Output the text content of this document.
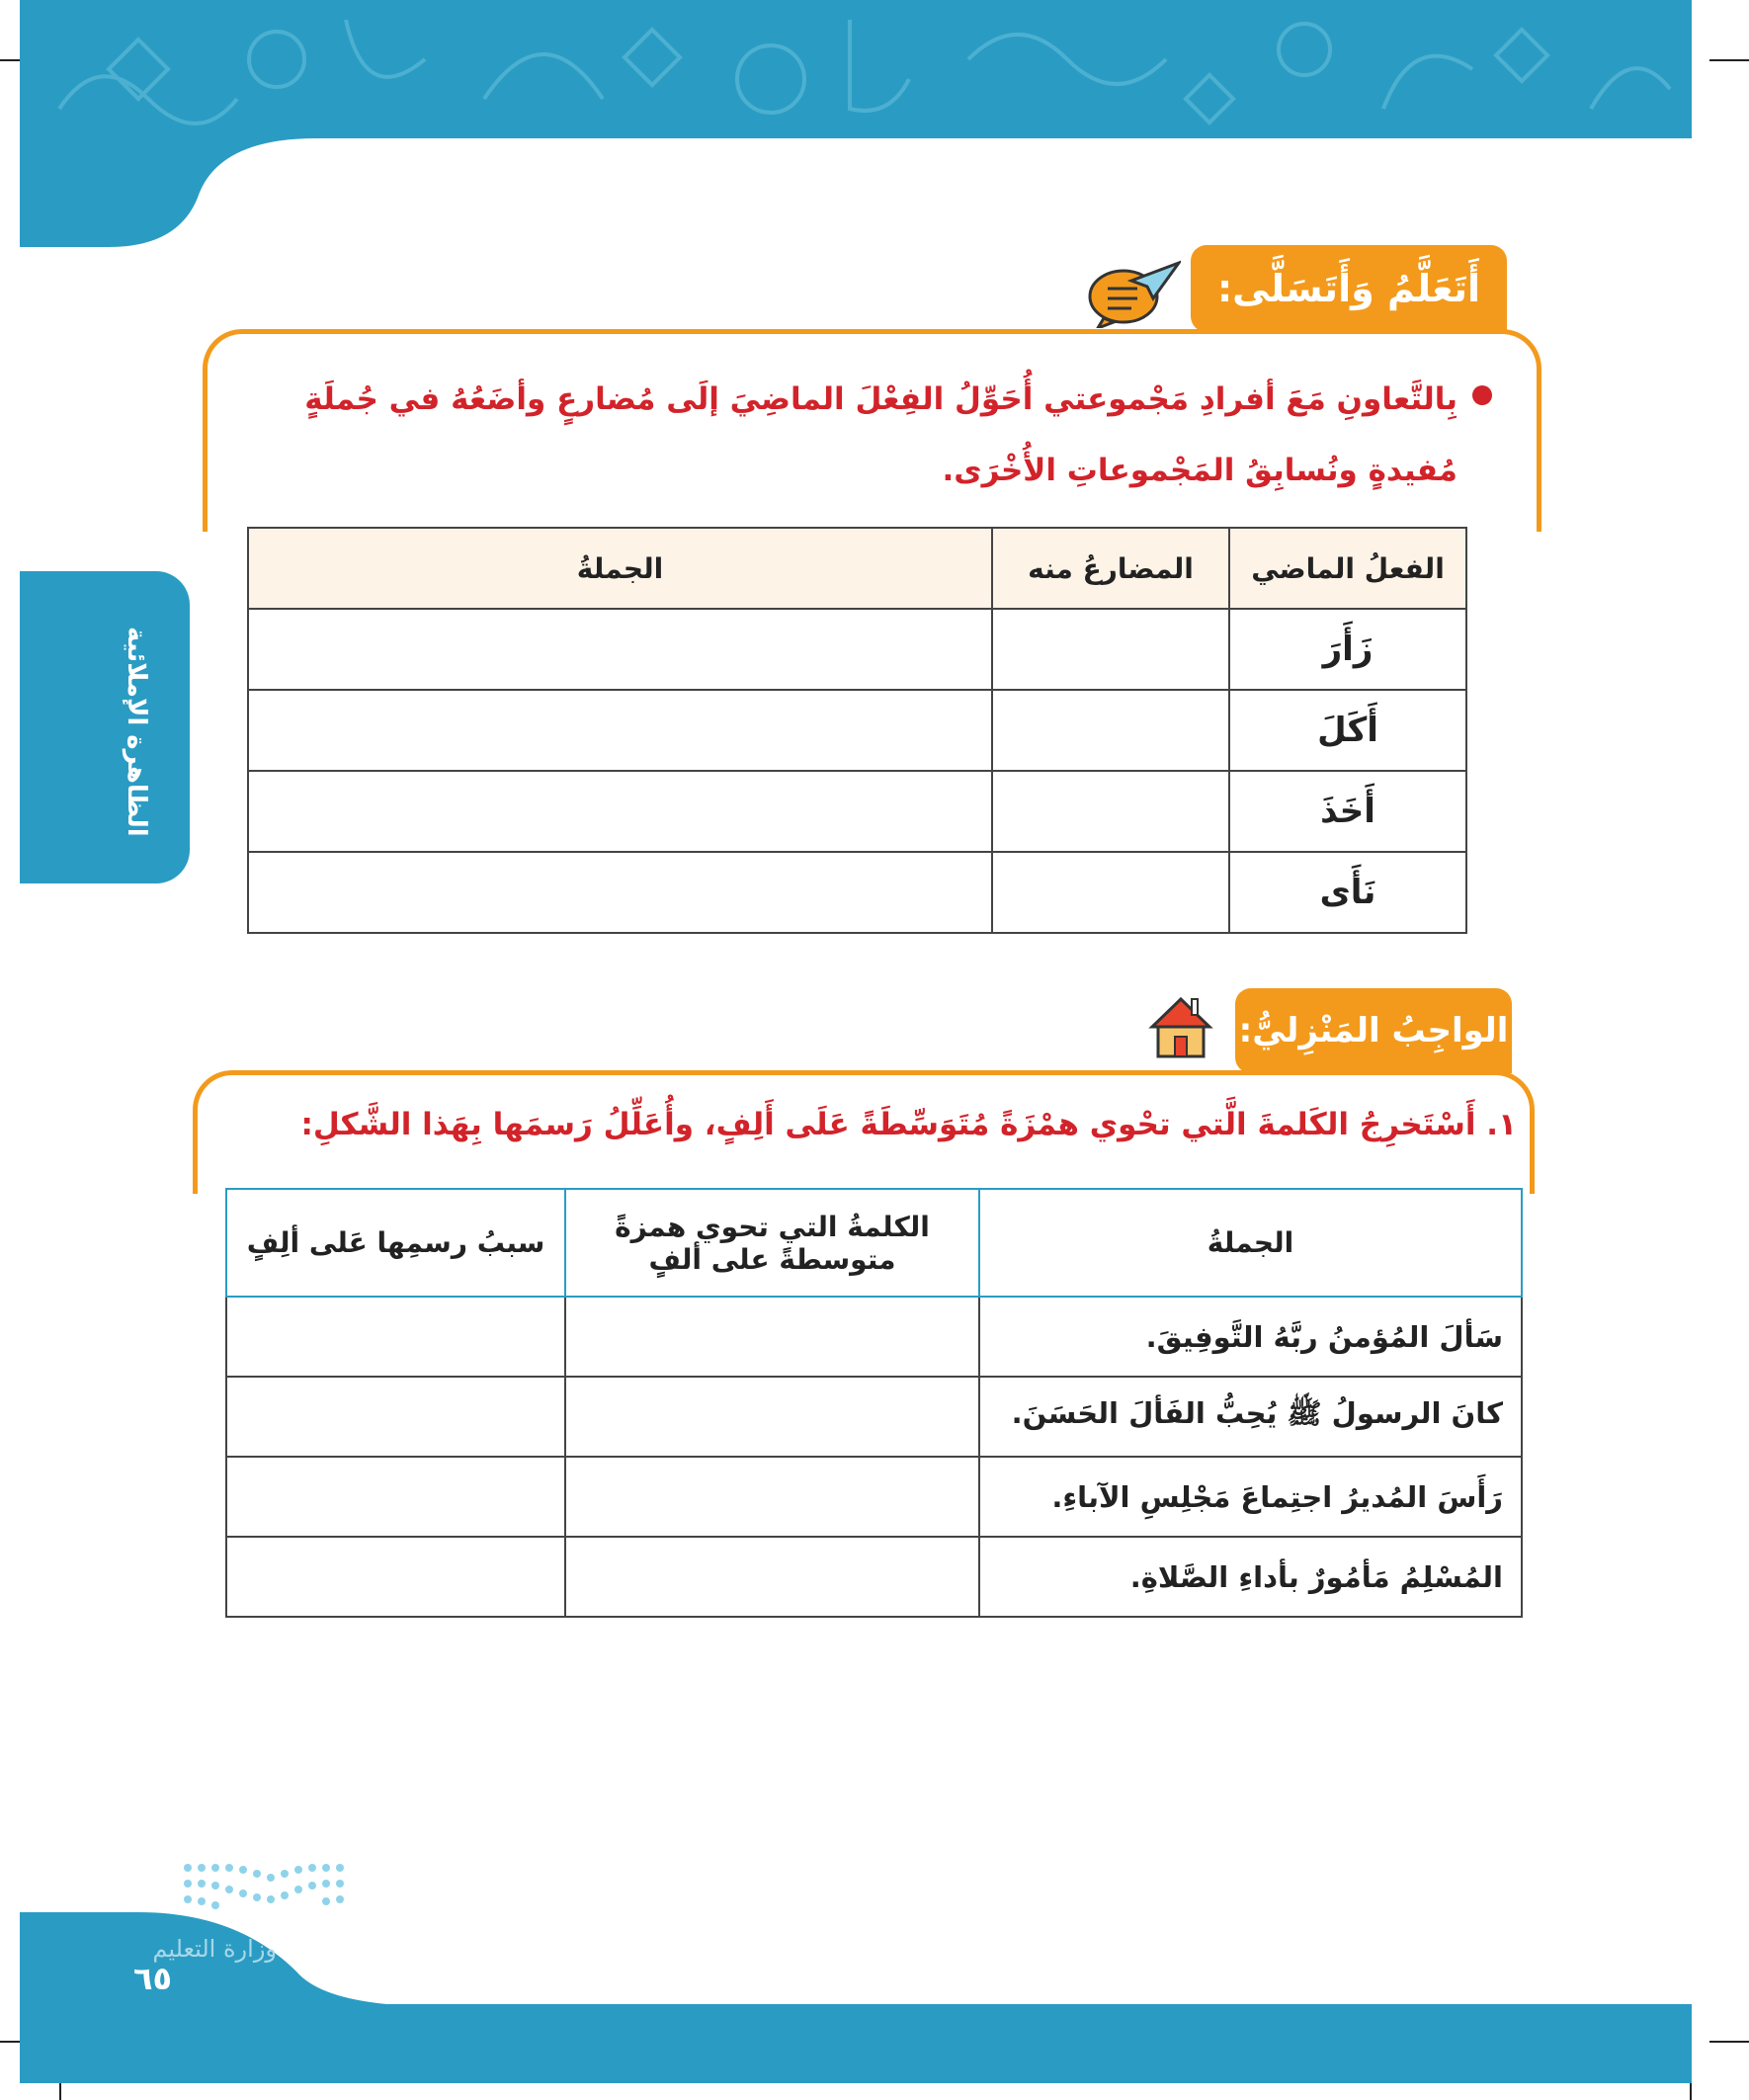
الظاهرة الإملائية
أَتَعَلَّمُ وَأَتَسَلَّى:
بِالتَّعاونِ مَعَ أفرادِ مَجْموعتي أُحَوِّلُ الفِعْلَ الماضِيَ إلَى مُضارعٍ وأضَعُهُ في جُملَةٍ مُفيدةٍ ونُسابِقُ المَجْموعاتِ الأُخْرَى.
الفعلُ الماضي	المضارعُ منه	الجملةُ
زَأَرَ		
أَكَلَ		
أَخَذَ		
نَأَى		
الواجِبُ المَنْزِليُّ:
١. أَسْتَخرِجُ الكَلمةَ الَّتي تحْوي همْزَةً مُتَوَسِّطَةً عَلَى أَلِفٍ، وأُعَلِّلُ رَسمَها بِهَذا الشَّكلِ:
الجملةُ	الكلمةُ التي تحوي همزةً متوسطةً على ألفٍ	سببُ رسمِها عَلى ألِفٍ
سَألَ المُؤمنُ ربَّهُ التَّوفِيقَ.		
كانَ الرسولُ ﷺ يُحِبُّ الفَألَ الحَسَنَ.		
رَأَسَ المُديرُ اجتِماعَ مَجْلِسِ الآباءِ.		
المُسْلِمُ مَأمُورٌ بأداءِ الصَّلاةِ.		
وزارة التعليم
٦٥
